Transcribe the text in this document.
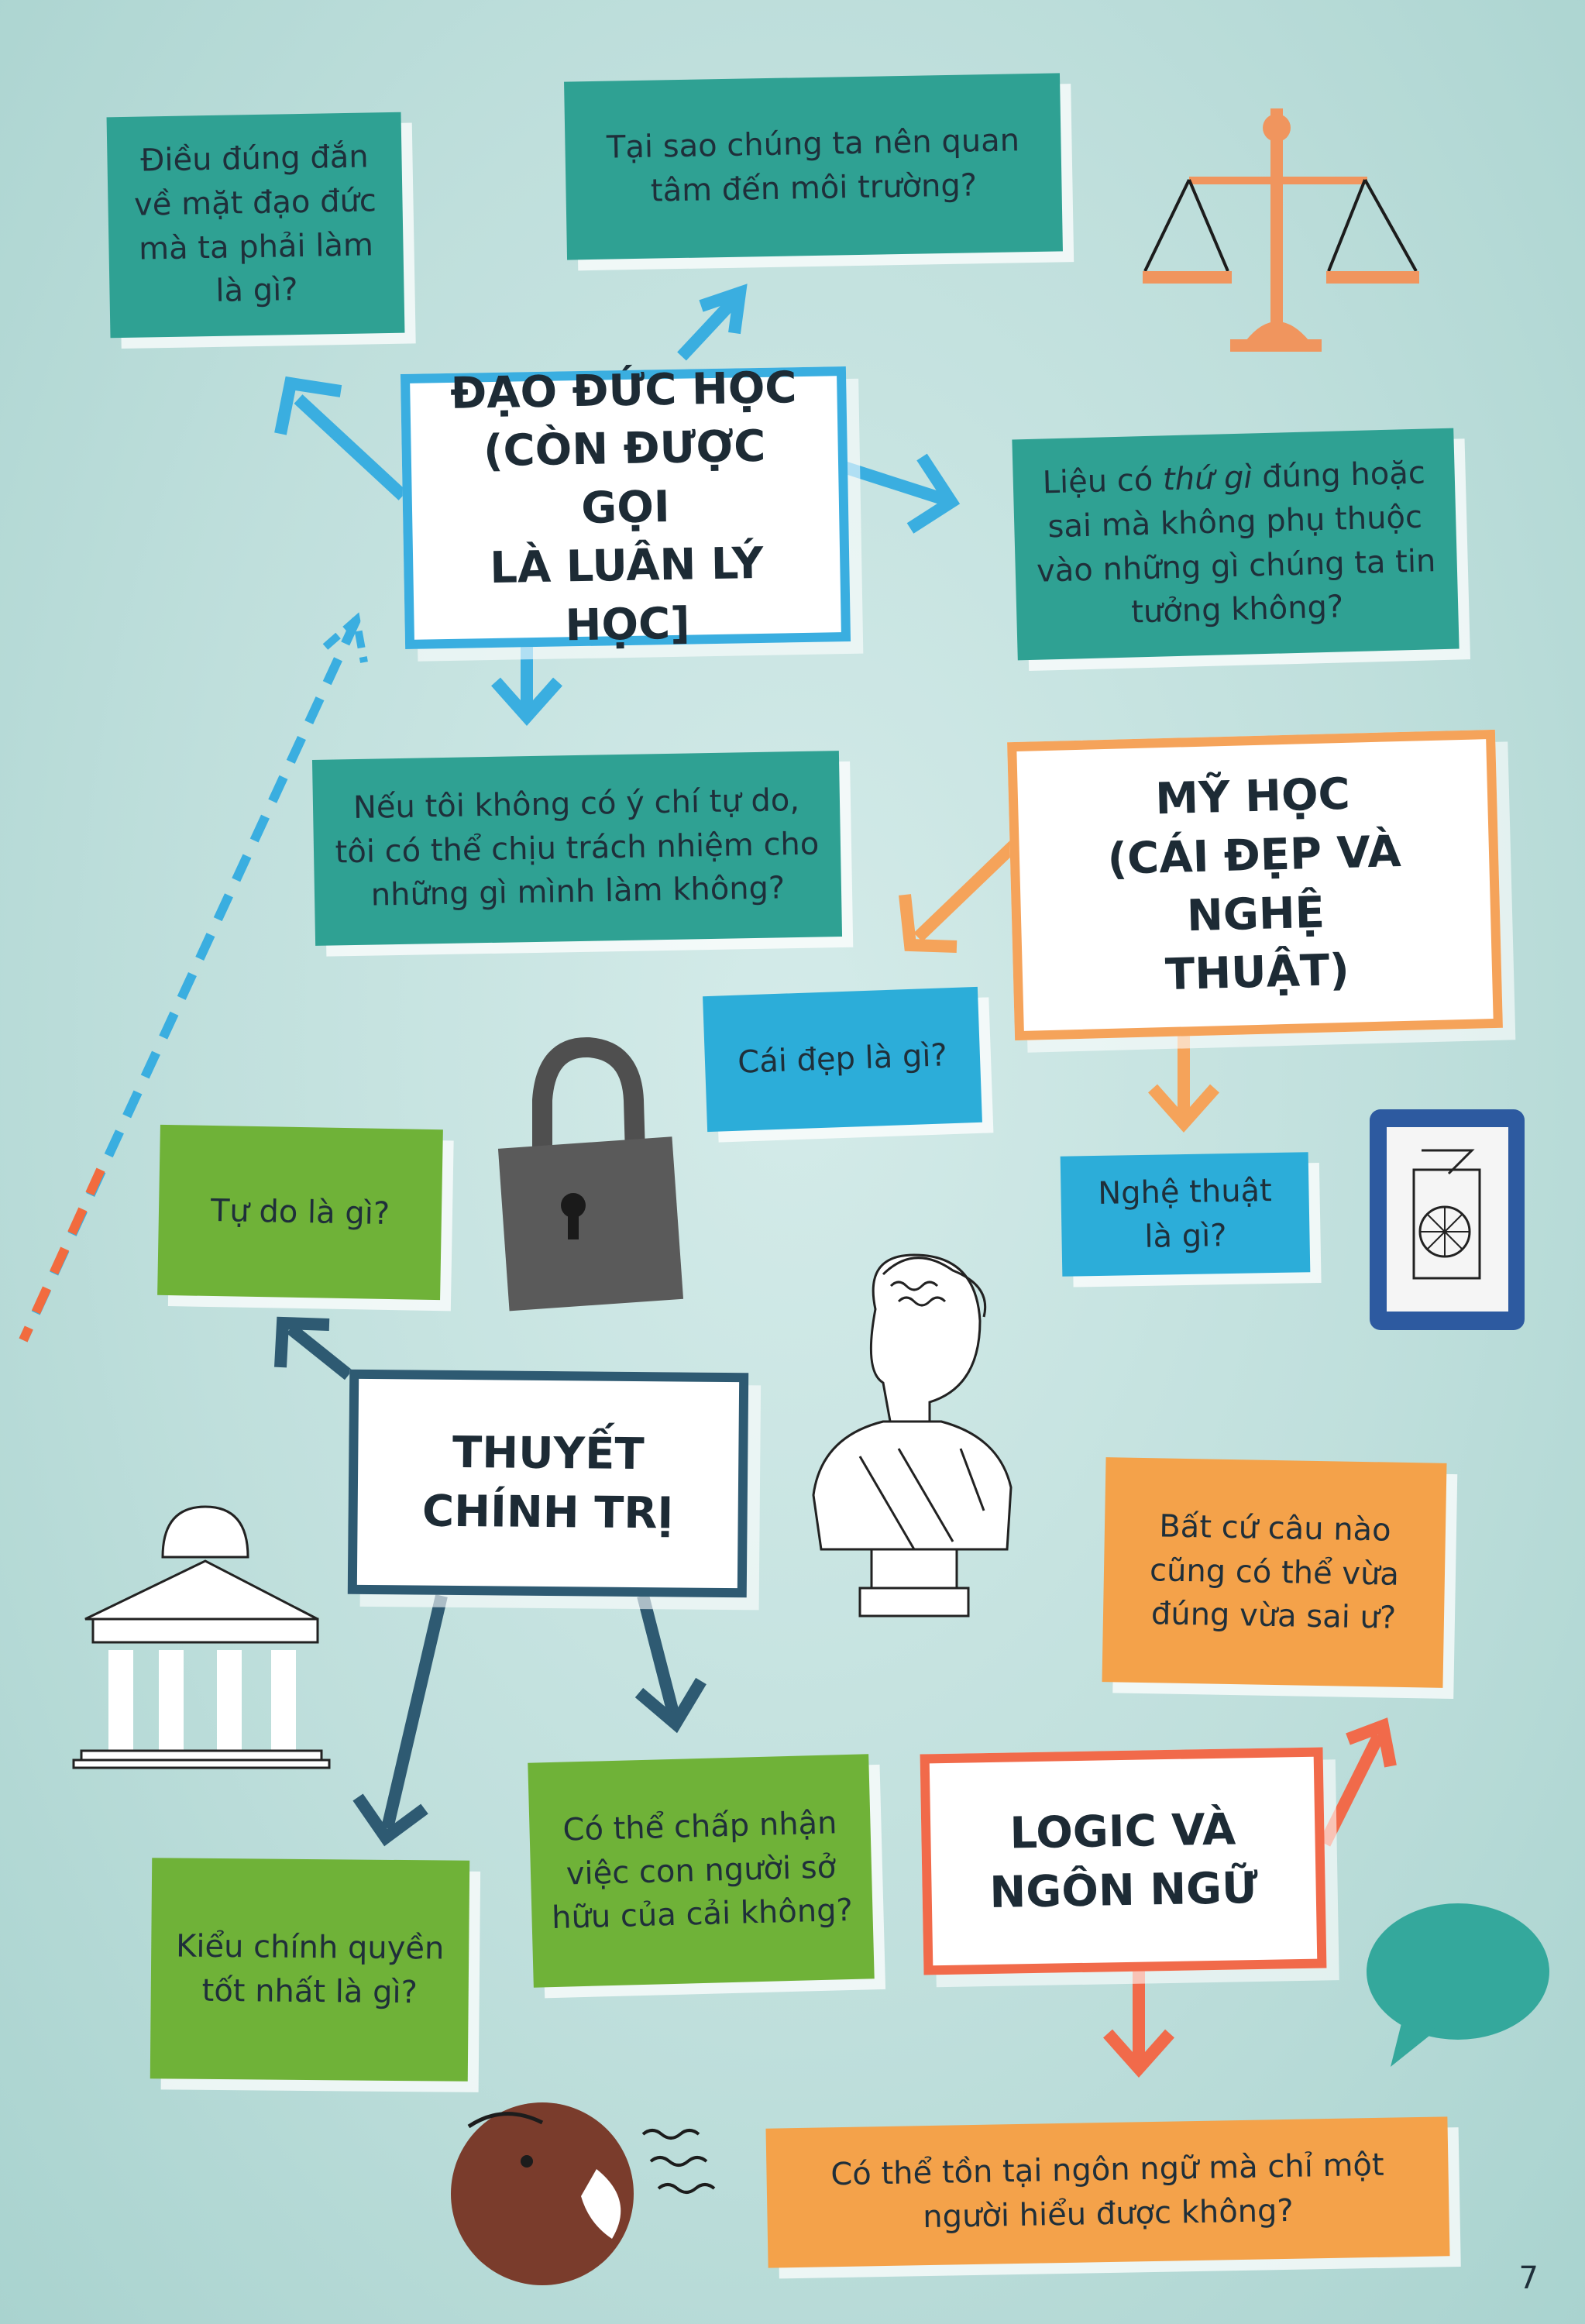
ĐẠO ĐỨC HỌC
(CÒN ĐƯỢC GỌI
LÀ LUÂN LÝ HỌC]
Điều đúng đắn về mặt đạo đức mà ta phải làm là gì?
Tại sao chúng ta nên quan tâm đến môi trường?
Liệu có thứ gì đúng hoặc sai mà không phụ thuộc vào những gì chúng ta tin tưởng không?
Nếu tôi không có ý chí tự do, tôi có thể chịu trách nhiệm cho những gì mình làm không?
MỸ HỌC
(CÁI ĐẸP VÀ NGHỆ
THUẬT)
Cái đẹp là gì?
Nghệ thuật là gì?
Tự do là gì?
THUYẾT
CHÍNH TRỊ	Bất cứ câu nào cũng có thể vừa đúng vừa sai ư?
LOGIC VÀ
NGÔN NGỮ
Có thể chấp nhận việc con người sở hữu của cải không?
Kiểu chính quyền tốt nhất là gì?
Có thể tồn tại ngôn ngữ mà chỉ một người hiểu được không?
7
